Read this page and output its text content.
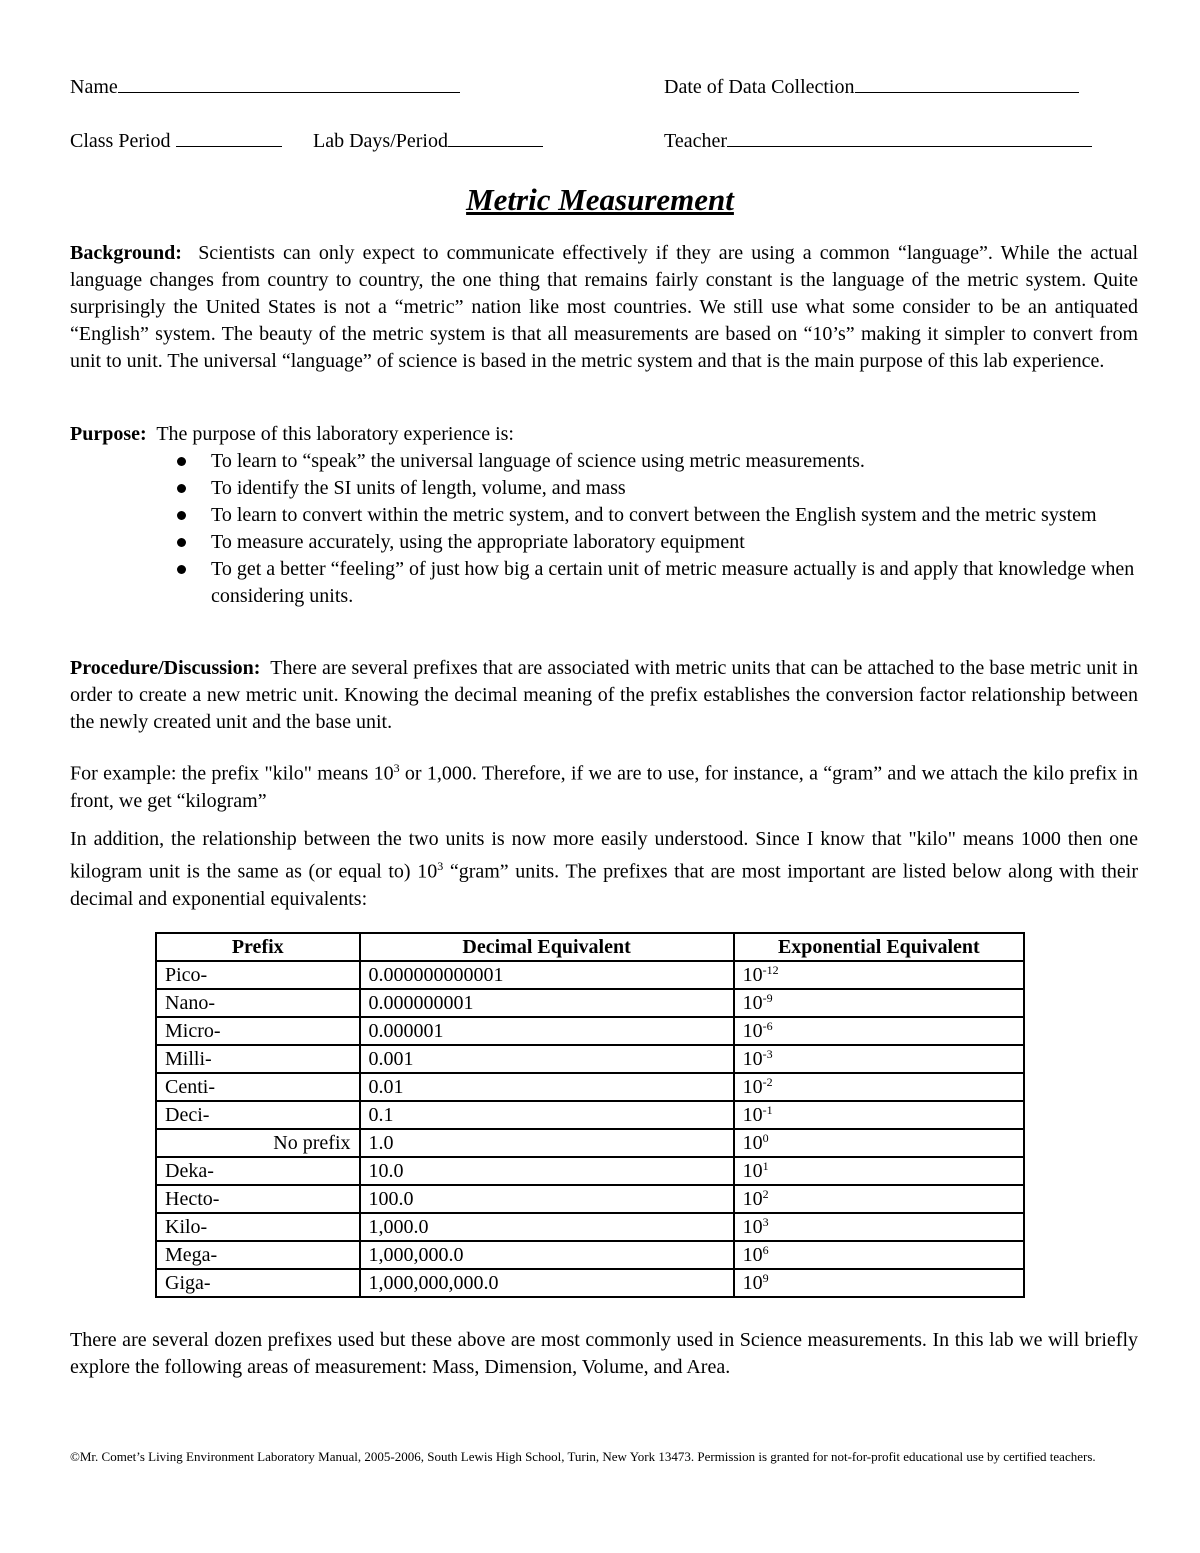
Name	Date of Data Collection
Class Period	Lab Days/Period	Teacher
Metric Measurement

Background: Scientists can only expect to communicate effectively if they are using a common “language”. While the actual language changes from country to country, the one thing that remains fairly constant is the language of the metric system. Quite surprisingly the United States is not a “metric” nation like most countries. We still use what some consider to be an antiquated “English” system. The beauty of the metric system is that all measurements are based on “10’s” making it simpler to convert from unit to unit. The universal “language” of science is based in the metric system and that is the main purpose of this lab experience.

Purpose: The purpose of this laboratory experience is:

To learn to “speak” the universal language of science using metric measurements.
To identify the SI units of length, volume, and mass
To learn to convert within the metric system, and to convert between the English system and the metric system
To measure accurately, using the appropriate laboratory equipment
To get a better “feeling” of just how big a certain unit of metric measure actually is and apply that knowledge when considering units.

Procedure/Discussion: There are several prefixes that are associated with metric units that can be attached to the base metric unit in order to create a new metric unit. Knowing the decimal meaning of the prefix establishes the conversion factor relationship between the newly created unit and the base unit.

For example: the prefix "kilo" means $10^3$ or 1,000. Therefore, if we are to use, for instance, a “gram” and we attach the kilo prefix in front, we get “kilogram”

In addition, the relationship between the two units is now more easily understood. Since I know that "kilo" means 1000 then one kilogram unit is the same as (or equal to) $10^3$ “gram” units. The prefixes that are most important are listed below along with their decimal and exponential equivalents:

Prefix	Decimal Equivalent	Exponential Equivalent
Pico-	0.000000000001	$10^{-12}$
Nano-	0.000000001	$10^{-9}$
Micro-	0.000001	$10^{-6}$
Milli-	0.001	$10^{-3}$
Centi-	0.01	$10^{-2}$
Deci-	0.1	$10^{-1}$
No prefix	1.0	$10^0$
Deka-	10.0	$10^1$
Hecto-	100.0	$10^2$
Kilo-	1,000.0	$10^3$
Mega-	1,000,000.0	$10^6$
Giga-	1,000,000,000.0	$10^9$

There are several dozen prefixes used but these above are most commonly used in Science measurements. In this lab we will briefly explore the following areas of measurement: Mass, Dimension, Volume, and Area.

©Mr. Comet’s Living Environment Laboratory Manual, 2005-2006, South Lewis High School, Turin, New York 13473. Permission is granted for not-for-profit educational use by certified teachers.
